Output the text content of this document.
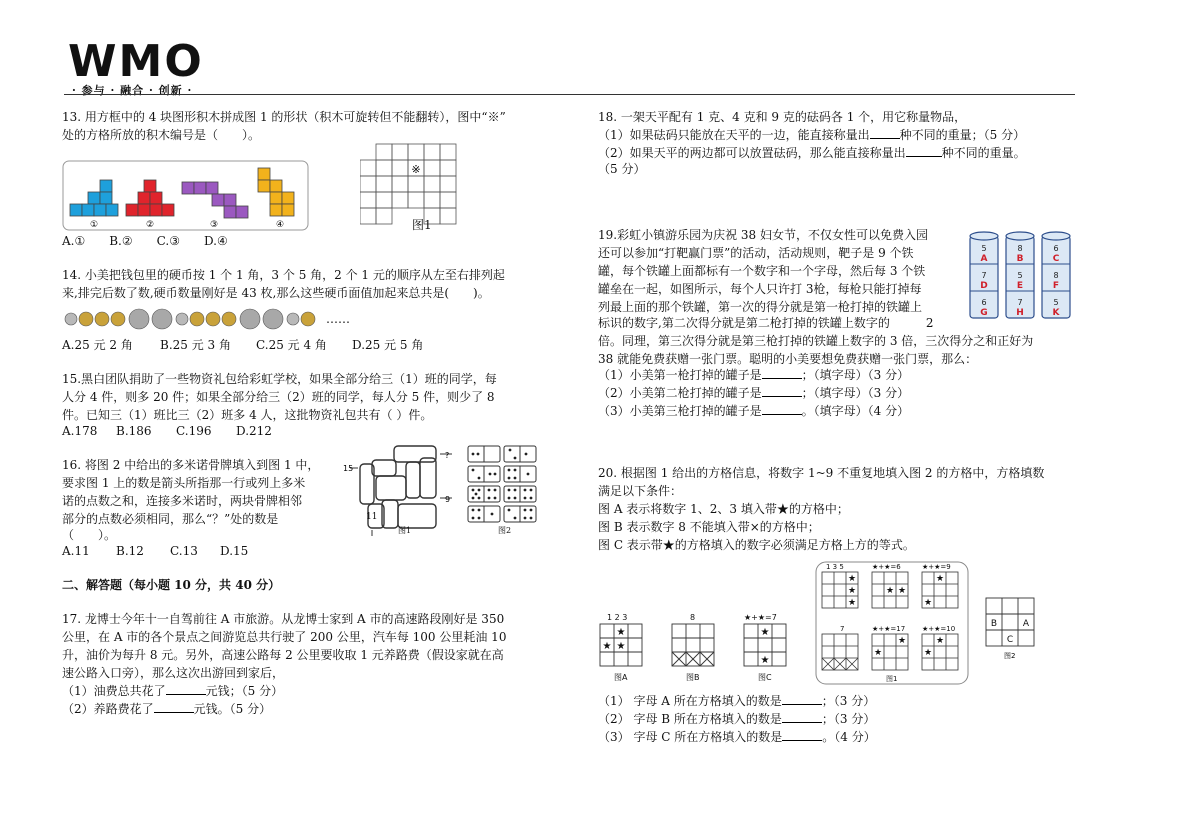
WMO
· 参与 · 融合 · 创新 ·
13. 用方框中的 4 块图形积木拼成图 1 的形状（积木可旋转但不能翻转），图中“※”
处的方格所放的积木编号是（　　）。
①	②	③	④
※
图1
A.①　　B.②　　C.③　　D.④
14. 小美把钱包里的硬币按 1 个 1 角，3 个 5 角，2 个 1 元的顺序从左至右排列起
来,排完后数了数,硬币数量刚好是 43 枚,那么这些硬币面值加起来总共是(　　)。
……
A.25 元 2 角 B.25 元 3 角 C.25 元 4 角 D.25 元 5 角
15.黑白团队捐助了一些物资礼包给彩虹学校，如果全部分给三（1）班的同学，每
人分 4 件，则多 20 件；如果全部分给三（2）班的同学，每人分 5 件，则少了 8
件。已知三（1）班比三（2）班多 4 人，这批物资礼包共有（ ）件。
A.178 B.186 C.196 D.212
16. 将图 2 中给出的多米诺骨牌填入到图 1 中，
要求图 1 上的数是箭头所指那一行或列上多米
诺的点数之和，连接多米诺时，两块骨牌相邻
部分的点数必须相同，那么“？”处的数是
（　　）。
15
?
9
11
图1	图2
A.11 B.12 C.13 D.15
二、解答题（每小题 10 分，共 40 分）
17. 龙博士今年十一自驾前往 A 市旅游。从龙博士家到 A 市的高速路段刚好是 350
公里，在 A 市的各个景点之间游览总共行驶了 200 公里，汽车每 100 公里耗油 10
升，油价为每升 8 元。另外，高速公路每 2 公里要收取 1 元养路费（假设家就在高
速公路入口旁），那么这次出游回到家后，
（1）油费总共花了	元钱；（5 分）
（2）养路费花了	元钱。（5 分）
18. 一架天平配有 1 克、4 克和 9 克的砝码各 1 个，用它称量物品，
（1）如果砝码只能放在天平的一边，能直接称量出	种不同的重量；（5 分）
（2）如果天平的两边都可以放置砝码，那么能直接称量出	种不同的重量。
（5 分）
19.彩虹小镇游乐园为庆祝 38 妇女节，不仅女性可以免费入园
还可以参加“打靶赢门票”的活动，活动规则，靶子是 9 个铁
罐，每个铁罐上面都标有一个数字和一个字母，然后每 3 个铁
罐垒在一起，如图所示，每个人只许打 3枪，每枪只能打掉每
列最上面的那个铁罐，第一次的得分就是第一枪打掉的铁罐上
标识的数字,第二次得分就是第二枪打掉的铁罐上数字的　　　2
倍。同理，第三次得分就是第三枪打掉的铁罐上数字的 3 倍，三次得分之和正好为
38 就能免费获赠一张门票。聪明的小美要想免费获赠一张门票，那么：
（1）小美第一枪打掉的罐子是	；（填字母）（3 分）
（2）小美第二枪打掉的罐子是	；（填字母）（3 分）
（3）小美第三枪打掉的罐子是	。（填字母）（4 分）
5
7
6
8
5
7
6
8
5
A
D
G
B
E
H
C
F
K
20. 根据图 1 给出的方格信息，将数字 1~9 不重复地填入图 2 的方格中，方格填数
满足以下条件：
图 A 表示将数字 1、2、3 填入带★的方格中；
图 B 表示数字 8 不能填入带×的方格中；
图 C 表示带★的方格填入的数字必须满足方格上方的等式。
★
★ ★
★
★
1 2 3	8	★+★=7
图A	图B	图C
★
★
★
★ ★
★
★
★
★	★
★
1 3 5	★+★=6	★+★=9
7	★+★=17 ★+★=10
图1
B	A
C
图2
（1） 字母 A 所在方格填入的数是	；（3 分）
（2） 字母 B 所在方格填入的数是	；（3 分）
（3） 字母 C 所在方格填入的数是	。（4 分）
